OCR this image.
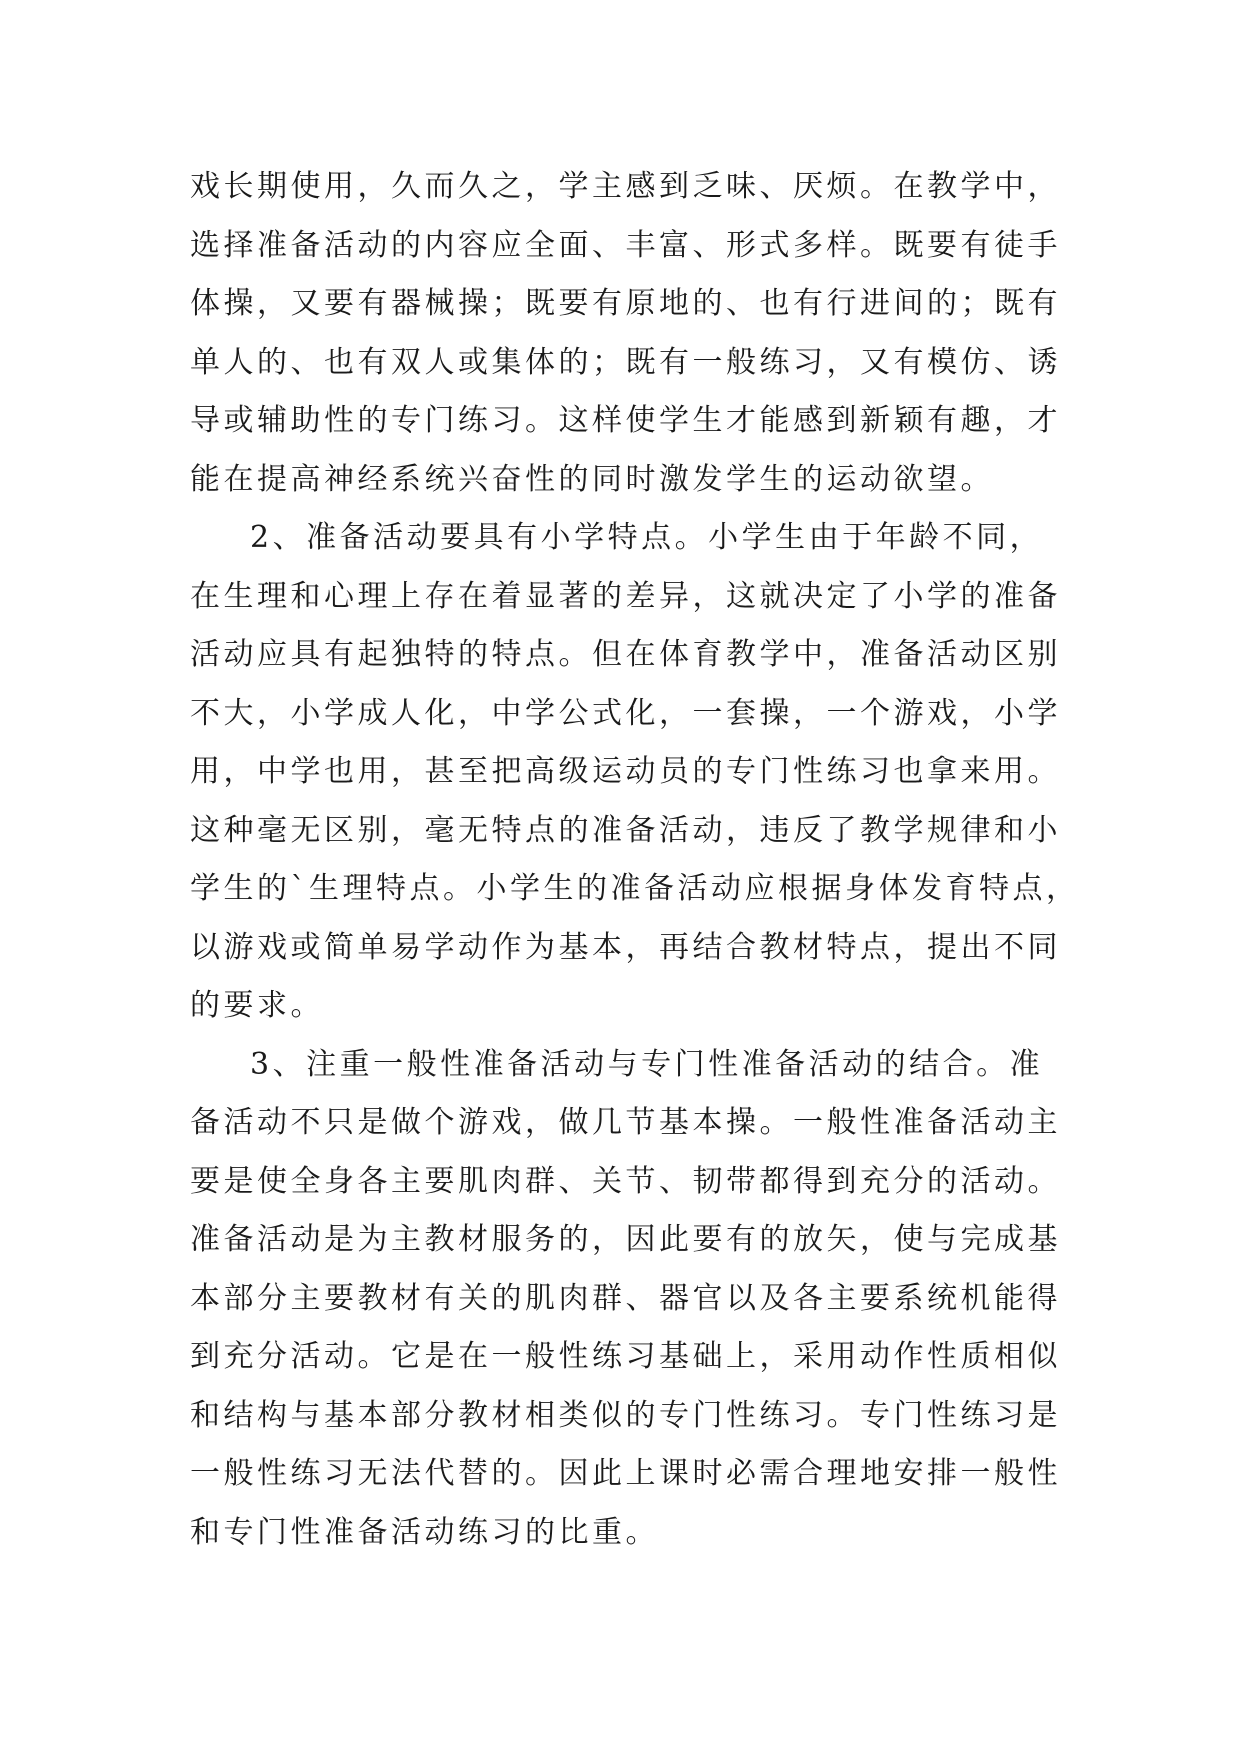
戏长期使用，久而久之，学主感到乏味、厌烦。在教学中，
选择准备活动的内容应全面、丰富、形式多样。既要有徒手
体操，又要有器械操；既要有原地的、也有行进间的；既有
单人的、也有双人或集体的；既有一般练习，又有模仿、诱
导或辅助性的专门练习。这样使学生才能感到新颖有趣，才
能在提高神经系统兴奋性的同时激发学生的运动欲望。
2、准备活动要具有小学特点。小学生由于年龄不同，
在生理和心理上存在着显著的差异，这就决定了小学的准备
活动应具有起独特的特点。但在体育教学中，准备活动区别
不大，小学成人化，中学公式化，一套操，一个游戏，小学
用，中学也用，甚至把高级运动员的专门性练习也拿来用。
这种毫无区别，毫无特点的准备活动，违反了教学规律和小
学生的`生理特点。小学生的准备活动应根据身体发育特点，
以游戏或简单易学动作为基本，再结合教材特点，提出不同
的要求。
3、注重一般性准备活动与专门性准备活动的结合。准
备活动不只是做个游戏，做几节基本操。一般性准备活动主
要是使全身各主要肌肉群、关节、韧带都得到充分的活动。
准备活动是为主教材服务的，因此要有的放矢，使与完成基
本部分主要教材有关的肌肉群、器官以及各主要系统机能得
到充分活动。它是在一般性练习基础上，采用动作性质相似
和结构与基本部分教材相类似的专门性练习。专门性练习是
一般性练习无法代替的。因此上课时必需合理地安排一般性
和专门性准备活动练习的比重。
